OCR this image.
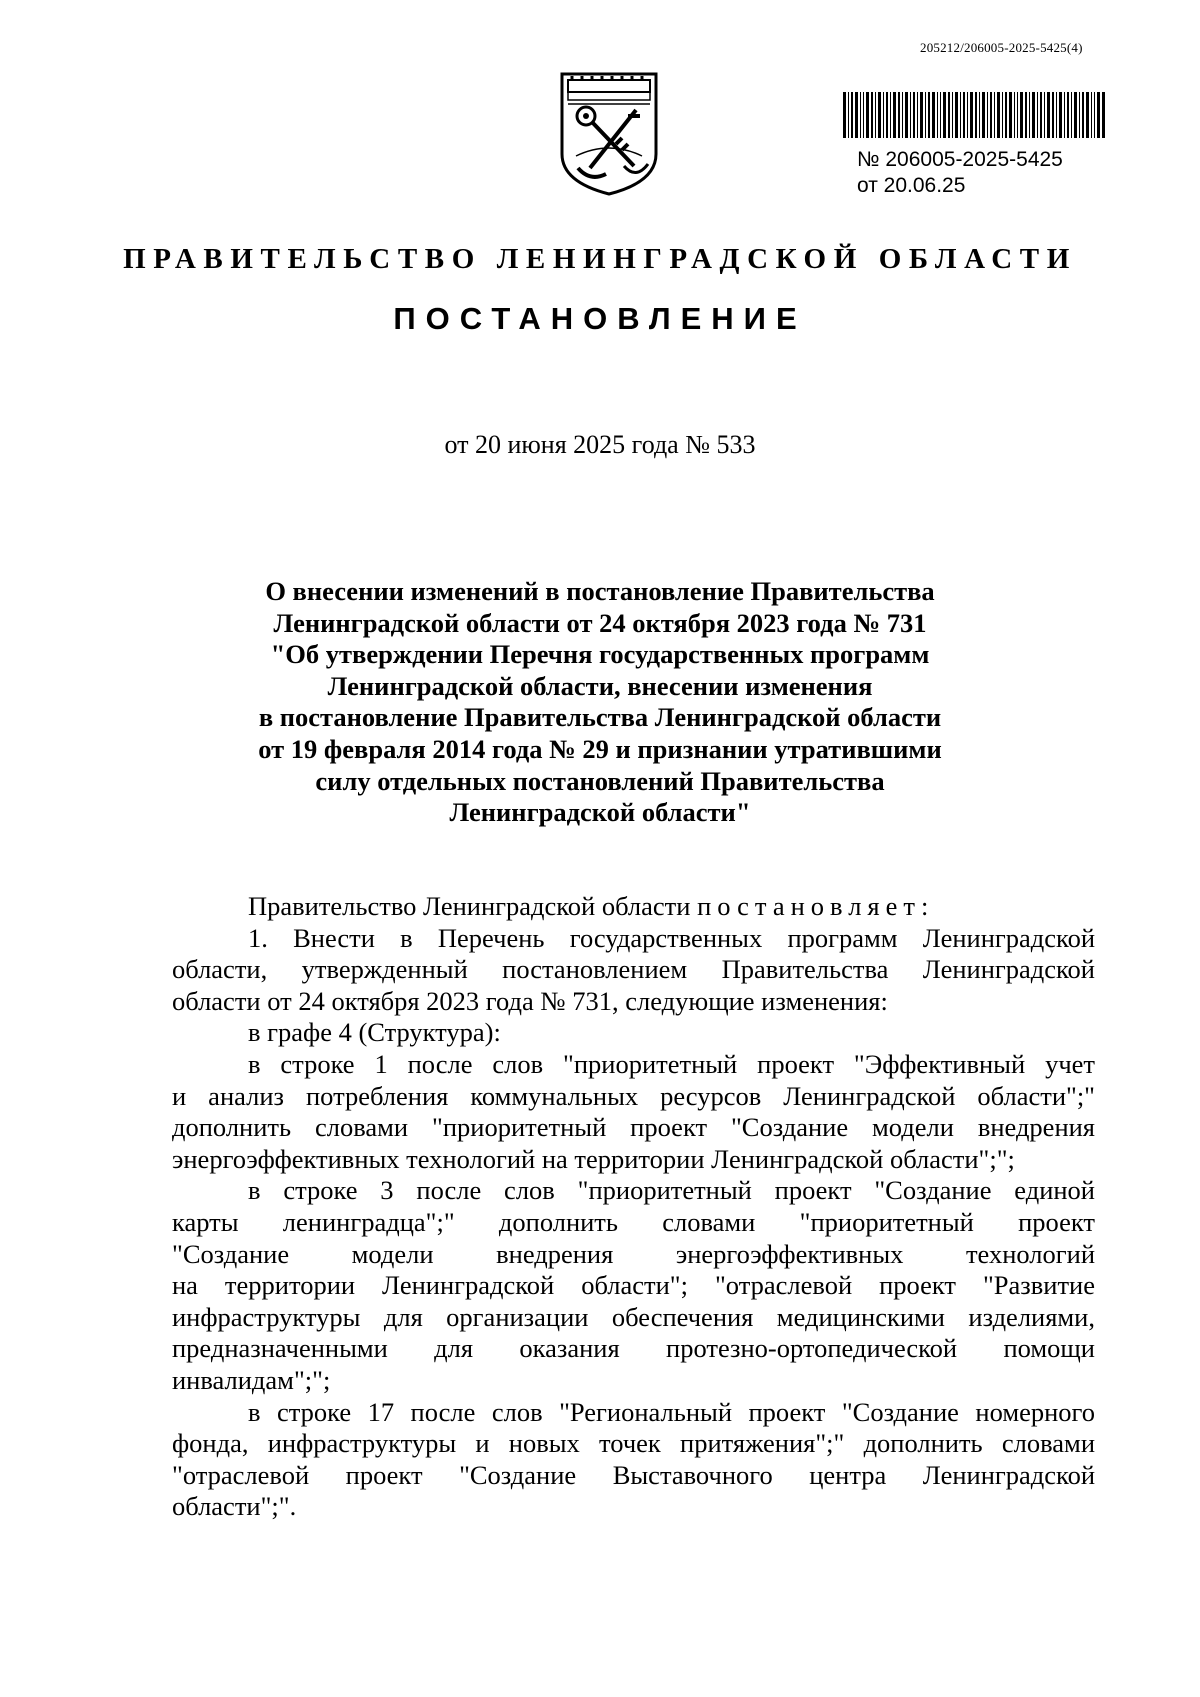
205212/206005-2025-5425(4)
№ 206005-2025-5425
от 20.06.25
ПРАВИТЕЛЬСТВО ЛЕНИНГРАДСКОЙ ОБЛАСТИ
ПОСТАНОВЛЕНИЕ
от 20 июня 2025 года № 533
О внесении изменений в постановление Правительства
Ленинградской области от 24 октября 2023 года № 731
"Об утверждении Перечня государственных программ
Ленинградской области, внесении изменения
в постановление Правительства Ленинградской области
от 19 февраля 2014 года № 29 и признании утратившими
силу отдельных постановлений Правительства
Ленинградской области"
Правительство Ленинградской области постановляет:
1. Внести в Перечень государственных программ Ленинградской
области, утвержденный постановлением Правительства Ленинградской
области от 24 октября 2023 года № 731, следующие изменения:
в графе 4 (Структура):
в строке 1 после слов "приоритетный проект "Эффективный учет
и анализ потребления коммунальных ресурсов Ленинградской области";"
дополнить словами "приоритетный проект "Создание модели внедрения
энергоэффективных технологий на территории Ленинградской области";";
в строке 3 после слов "приоритетный проект "Создание единой
карты ленинградца";" дополнить словами "приоритетный проект
"Создание модели внедрения энергоэффективных технологий
на территории Ленинградской области"; "отраслевой проект "Развитие
инфраструктуры для организации обеспечения медицинскими изделиями,
предназначенными для оказания протезно-ортопедической помощи
инвалидам";";
в строке 17 после слов "Региональный проект "Создание номерного
фонда, инфраструктуры и новых точек притяжения";" дополнить словами
"отраслевой проект "Создание Выставочного центра Ленинградской
области";".
